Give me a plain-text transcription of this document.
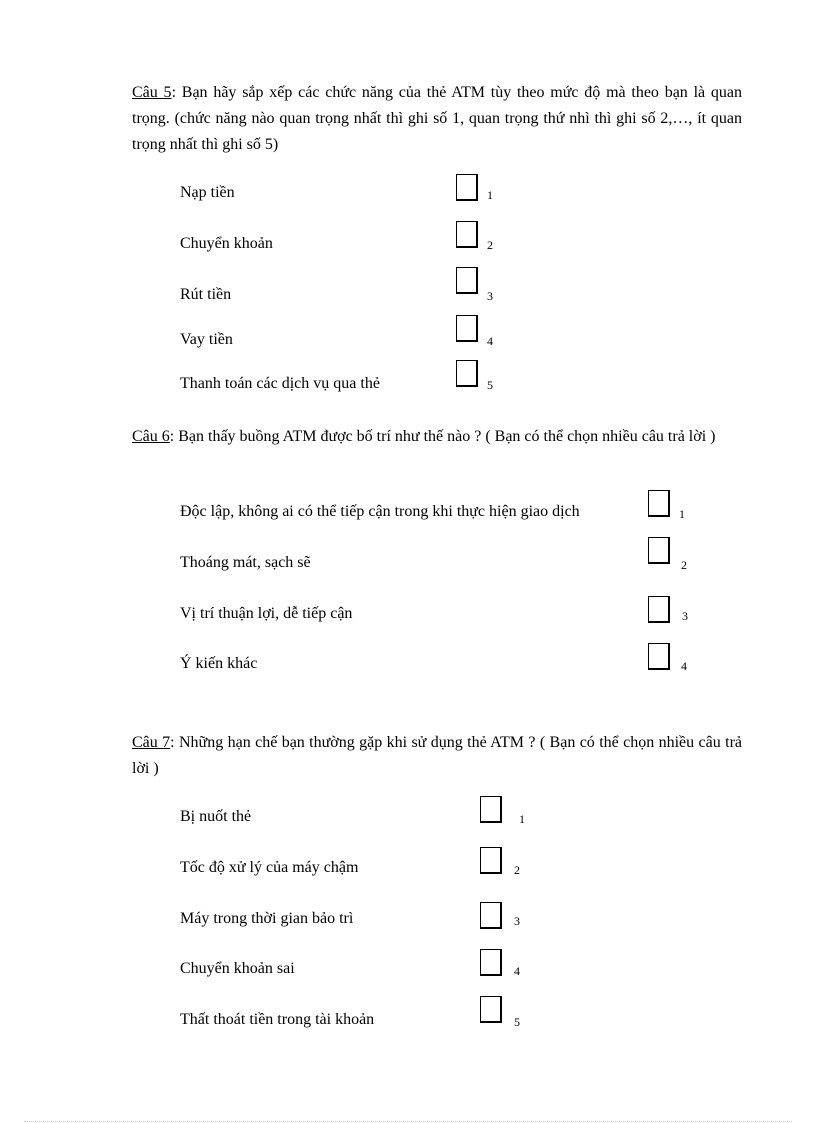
Câu 5: Bạn hãy sắp xếp các chức năng của thẻ ATM tùy theo mức độ mà theo bạn là quan trọng. (chức năng nào quan trọng nhất thì ghi số 1, quan trọng thứ nhì thì ghi số 2,…, ít quan trọng nhất thì ghi số 5)
Nạp tiền	1
Chuyển khoản	2
Rút tiền	3
Vay tiền	4
Thanh toán các dịch vụ qua thẻ	5
Câu 6: Bạn thấy buồng ATM được bố trí như thế nào ? ( Bạn có thể chọn nhiều câu trả lời )
Độc lập, không ai có thể tiếp cận trong khi thực hiện giao dịch	1
Thoáng mát, sạch sẽ	2
Vị trí thuận lợi, dễ tiếp cận	3
Ý kiến khác	4
Câu 7: Những hạn chế bạn thường gặp khi sử dụng thẻ ATM ? ( Bạn có thể chọn nhiều câu trả lời )
Bị nuốt thẻ	1
Tốc độ xử lý của máy chậm	2
Máy trong thời gian bảo trì	3
Chuyển khoản sai	4
Thất thoát tiền trong tài khoản	5
